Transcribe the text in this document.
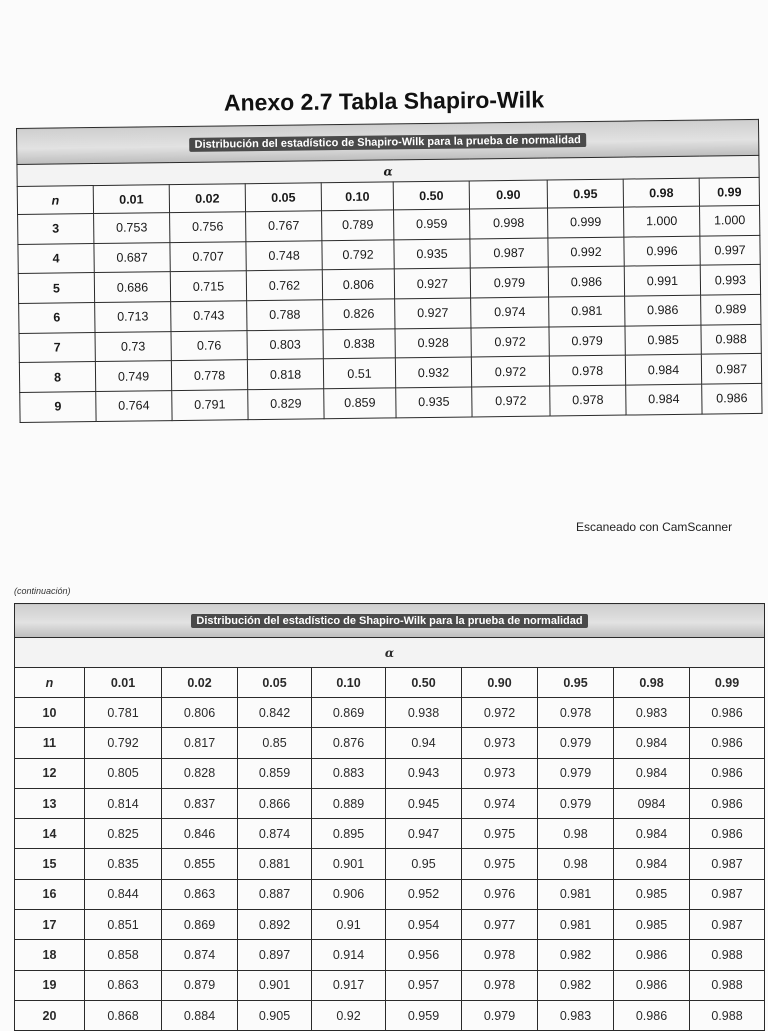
Anexo 2.7 Tabla Shapiro-Wilk
Distribución del estadístico de Shapiro-Wilk para la prueba de normalidad									
α									
n	0.01	0.02	0.05	0.10	0.50	0.90	0.95	0.98	0.99
3	0.753	0.756	0.767	0.789	0.959	0.998	0.999	1.000	1.000
4	0.687	0.707	0.748	0.792	0.935	0.987	0.992	0.996	0.997
5	0.686	0.715	0.762	0.806	0.927	0.979	0.986	0.991	0.993
6	0.713	0.743	0.788	0.826	0.927	0.974	0.981	0.986	0.989
7	0.73	0.76	0.803	0.838	0.928	0.972	0.979	0.985	0.988
8	0.749	0.778	0.818	0.51	0.932	0.972	0.978	0.984	0.987
9	0.764	0.791	0.829	0.859	0.935	0.972	0.978	0.984	0.986
Escaneado con CamScanner
(continuación)
Distribución del estadístico de Shapiro-Wilk para la prueba de normalidad									
α									
n	0.01	0.02	0.05	0.10	0.50	0.90	0.95	0.98	0.99
10	0.781	0.806	0.842	0.869	0.938	0.972	0.978	0.983	0.986
11	0.792	0.817	0.85	0.876	0.94	0.973	0.979	0.984	0.986
12	0.805	0.828	0.859	0.883	0.943	0.973	0.979	0.984	0.986
13	0.814	0.837	0.866	0.889	0.945	0.974	0.979	0984	0.986
14	0.825	0.846	0.874	0.895	0.947	0.975	0.98	0.984	0.986
15	0.835	0.855	0.881	0.901	0.95	0.975	0.98	0.984	0.987
16	0.844	0.863	0.887	0.906	0.952	0.976	0.981	0.985	0.987
17	0.851	0.869	0.892	0.91	0.954	0.977	0.981	0.985	0.987
18	0.858	0.874	0.897	0.914	0.956	0.978	0.982	0.986	0.988
19	0.863	0.879	0.901	0.917	0.957	0.978	0.982	0.986	0.988
20	0.868	0.884	0.905	0.92	0.959	0.979	0.983	0.986	0.988
